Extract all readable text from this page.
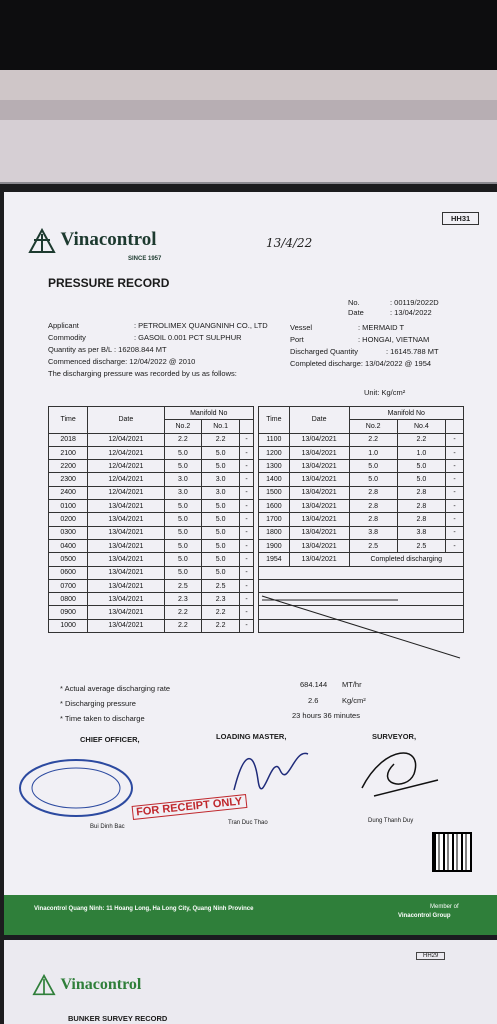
HH31
Vinacontrol
SINCE 1957
13/4/22
PRESSURE RECORD
No.	: 00119/2022D
Date	: 13/04/2022
Applicant	: PETROLIMEX QUANGNINH CO., LTD
Commodity	: GASOIL 0.001 PCT SULPHUR
Quantity as per B/L : 16208.844 MT
Commenced discharge: 12/04/2022 @ 2010
The discharging pressure was recorded by us as follows:
Vessel	: MERMAID T
Port	: HONGAI, VIETNAM
Discharged Quantity	: 16145.788 MT
Completed discharge: 13/04/2022 @ 1954
Unit: Kg/cm²
Time	Date	Manifold No		
		No.2	No.1	
2018	12/04/2021	2.2	2.2	-
2100	12/04/2021	5.0	5.0	-
2200	12/04/2021	5.0	5.0	-
2300	12/04/2021	3.0	3.0	-
2400	12/04/2021	3.0	3.0	-
0100	13/04/2021	5.0	5.0	-
0200	13/04/2021	5.0	5.0	-
0300	13/04/2021	5.0	5.0	-
0400	13/04/2021	5.0	5.0	-
0500	13/04/2021	5.0	5.0	-
0600	13/04/2021	5.0	5.0	-
0700	13/04/2021	2.5	2.5	-
0800	13/04/2021	2.3	2.3	-
0900	13/04/2021	2.2	2.2	-
1000	13/04/2021	2.2	2.2	-
Time	Date	Manifold No		
		No.2	No.4	
1100	13/04/2021	2.2	2.2	-
1200	13/04/2021	1.0	1.0	-
1300	13/04/2021	5.0	5.0	-
1400	13/04/2021	5.0	5.0	-
1500	13/04/2021	2.8	2.8	-
1600	13/04/2021	2.8	2.8	-
1700	13/04/2021	2.8	2.8	-
1800	13/04/2021	3.8	3.8	-
1900	13/04/2021	2.5	2.5	-
1954	13/04/2021	Completed discharging		

* Actual average discharging rate	684.144 MT/hr
* Discharging pressure	2.6	Kg/cm²
* Time taken to discharge	23 hours 36 minutes
CHIEF OFFICER,	LOADING MASTER,	SURVEYOR,
FOR RECEIPT ONLY
Bui Dinh Bac
Tran Duc Thao	Dung Thanh Duy
Vinacontrol Quang Ninh: 11 Hoang Long, Ha Long City, Quang Ninh Province	Member of
Vinacontrol Group
HH29
Vinacontrol
BUNKER SURVEY RECORD
